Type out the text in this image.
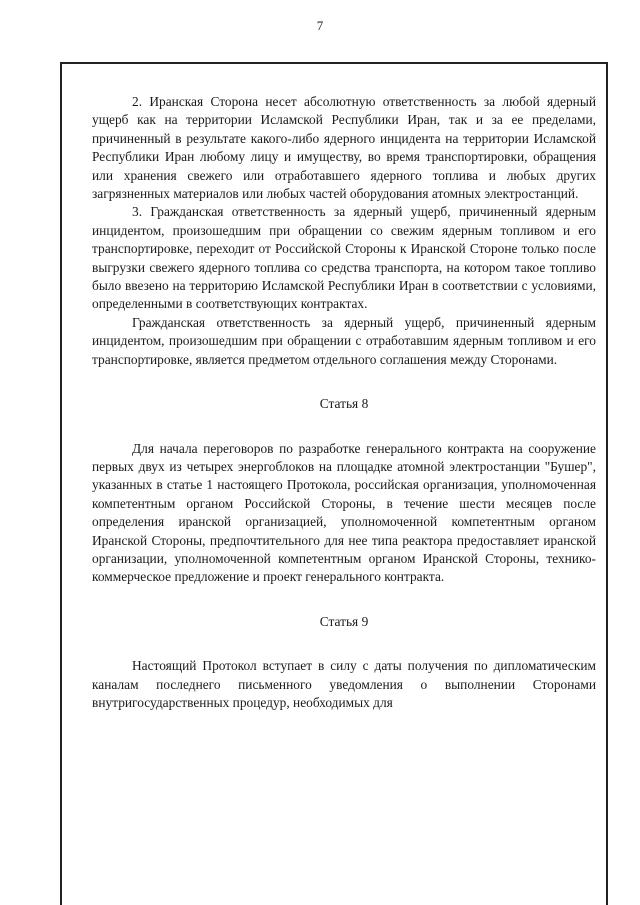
7

2. Иранская Сторона несет абсолютную ответственность за любой ядерный ущерб как на территории Исламской Республики Иран, так и за ее пределами, причиненный в результате какого-либо ядерного инцидента на территории Исламской Республики Иран любому лицу и имуществу, во время транспортировки, обращения или хранения свежего или отработавшего ядерного топлива и любых других загрязненных материалов или любых частей оборудования атомных электростанций.

3. Гражданская ответственность за ядерный ущерб, причиненный ядерным инцидентом, произошедшим при обращении со свежим ядерным топливом и его транспортировке, переходит от Российской Стороны к Иранской Стороне только после выгрузки свежего ядерного топлива со средства транспорта, на котором такое топливо было ввезено на территорию Исламской Республики Иран в соответствии с условиями, определенными в соответствующих контрактах.

Гражданская ответственность за ядерный ущерб, причиненный ядерным инцидентом, произошедшим при обращении с отработавшим ядерным топливом и его транспортировке, является предметом отдельного соглашения между Сторонами.

Статья 8

Для начала переговоров по разработке генерального контракта на сооружение первых двух из четырех энергоблоков на площадке атомной электростанции "Бушер", указанных в статье 1 настоящего Протокола, российская организация, уполномоченная компетентным органом Российской Стороны, в течение шести месяцев после определения иранской организацией, уполномоченной компетентным органом Иранской Стороны, предпочтительного для нее типа реактора предоставляет иранской организации, уполномоченной компетентным органом Иранской Стороны, технико-коммерческое предложение и проект генерального контракта.

Статья 9

Настоящий Протокол вступает в силу с даты получения по дипломатическим каналам последнего письменного уведомления о выполнении Сторонами внутригосударственных процедур, необходимых для
